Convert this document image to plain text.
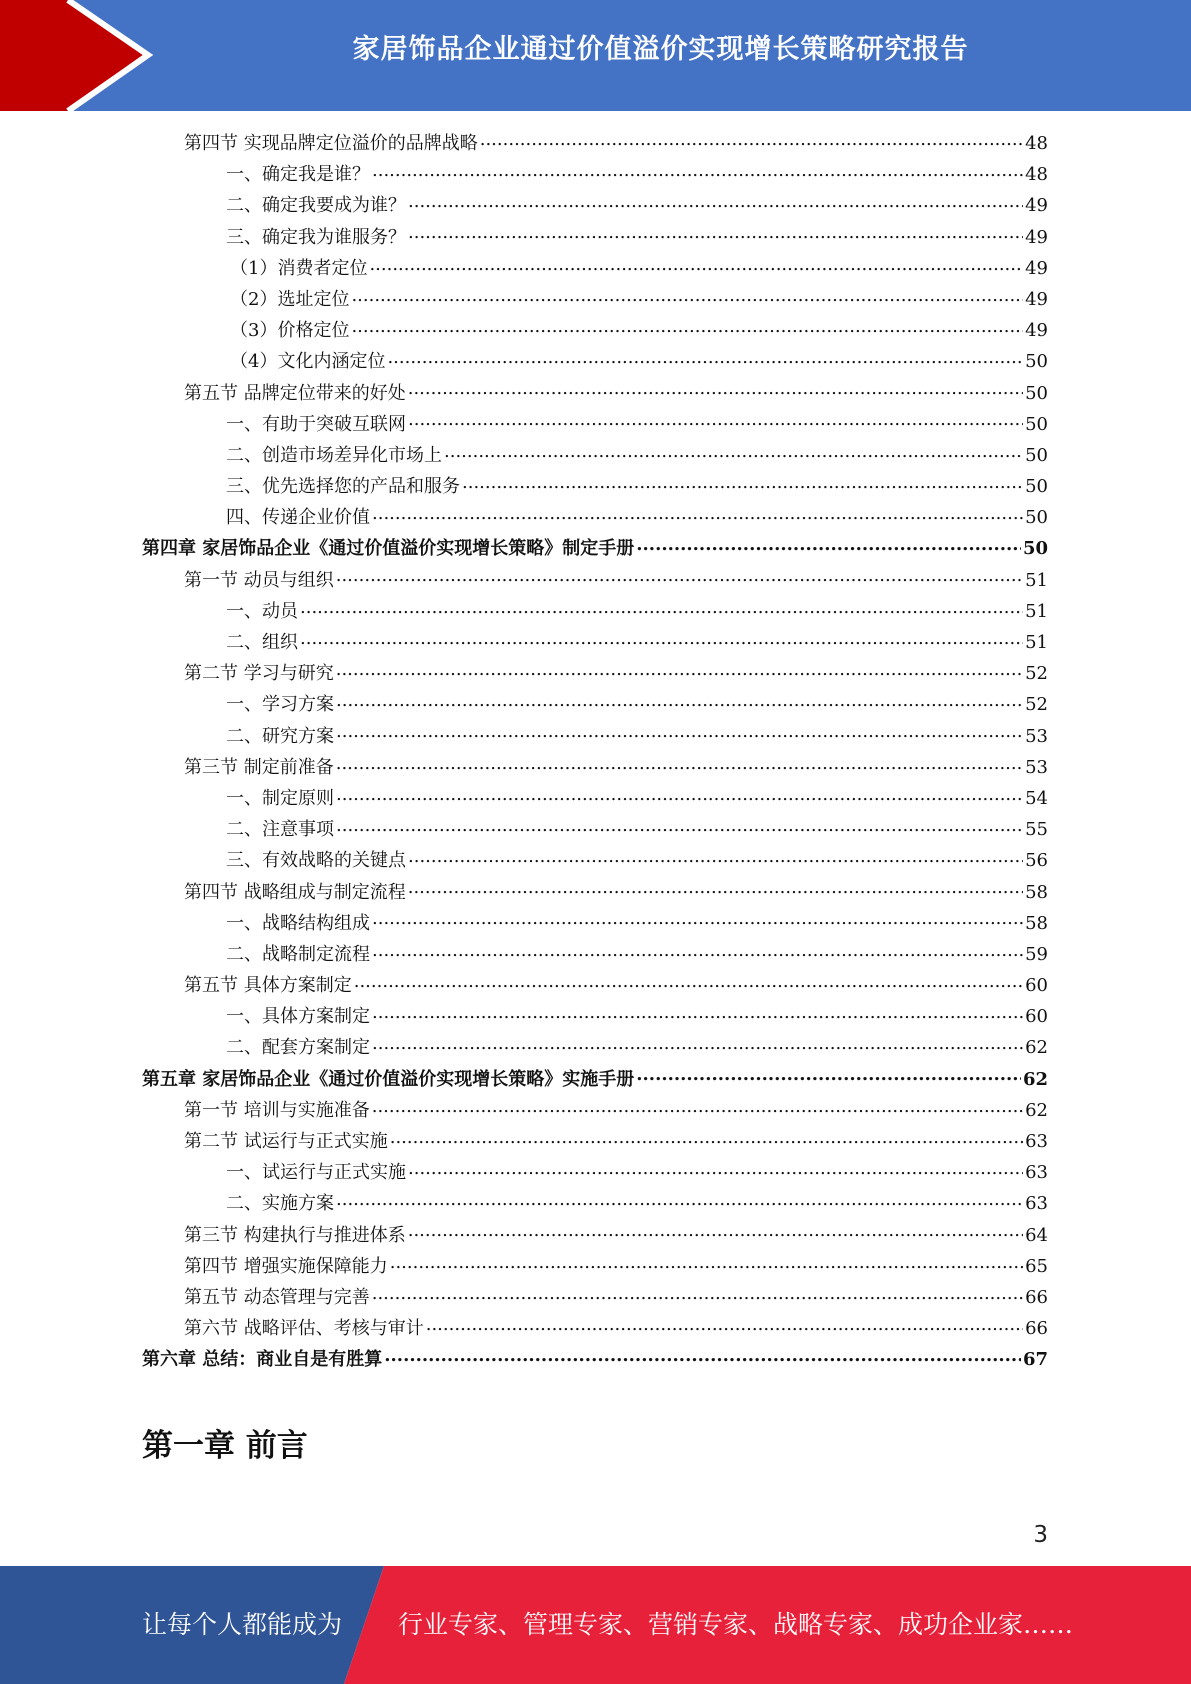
家居饰品企业通过价值溢价实现增长策略研究报告
第四节 实现品牌定位溢价的品牌战略 .....	48
一、确定我是谁？ .....	48
二、确定我要成为谁？ .....	49
三、确定我为谁服务？ .....	49
（1）消费者定位 .....	49
（2）选址定位 .....	49
（3）价格定位 .....	49
（4）文化内涵定位 .....	50
第五节 品牌定位带来的好处 .....	50
一、有助于突破互联网 .....	50
二、创造市场差异化市场上 .....	50
三、优先选择您的产品和服务 .....	50
四、传递企业价值 .....	50
第四章 家居饰品企业《通过价值溢价实现增长策略》制定手册 .....	50
第一节 动员与组织 .....	51
一、动员 .....	51
二、组织 .....	51
第二节 学习与研究 .....	52
一、学习方案 .....	52
二、研究方案 .....	53
第三节 制定前准备 .....	53
一、制定原则 .....	54
二、注意事项 .....	55
三、有效战略的关键点 .....	56
第四节 战略组成与制定流程 .....	58
一、战略结构组成 .....	58
二、战略制定流程 .....	59
第五节 具体方案制定 .....	60
一、具体方案制定 .....	60
二、配套方案制定 .....	62
第五章 家居饰品企业《通过价值溢价实现增长策略》实施手册 .....	62
第一节 培训与实施准备 .....	62
第二节 试运行与正式实施 .....	63
一、试运行与正式实施 .....	63
二、实施方案 .....	63
第三节 构建执行与推进体系 .....	64
第四节 增强实施保障能力 .....	65
第五节 动态管理与完善 .....	66
第六节 战略评估、考核与审计 .....	66
第六章 总结：商业自是有胜算 .....	67
第一章 前言
3
让每个人都能成为 行业专家、管理专家、营销专家、战略专家、成功企业家……
